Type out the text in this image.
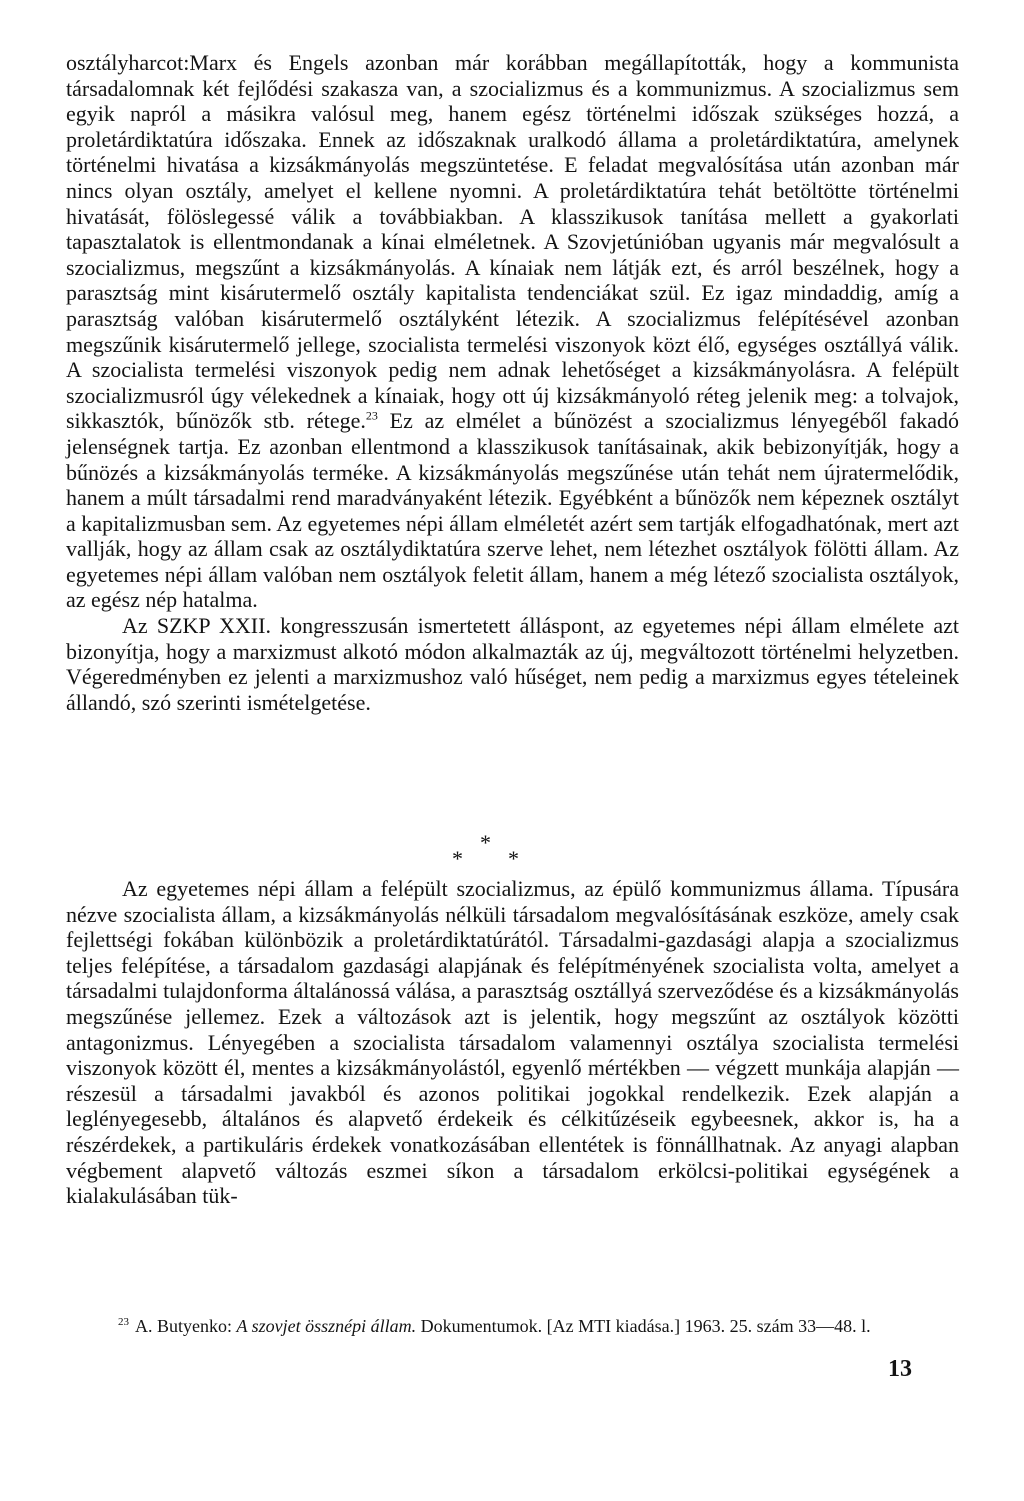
osztályharcot:Marx és Engels azonban már korábban megállapították, hogy a kommunista társadalomnak két fejlődési szakasza van, a szocializmus és a kommunizmus. A szocializmus sem egyik napról a másikra valósul meg, hanem egész történelmi időszak szükséges hozzá, a proletárdiktatúra időszaka. Ennek az időszaknak uralkodó állama a proletárdiktatúra, amelynek történelmi hivatása a kizsákmányolás megszüntetése. E feladat megvalósítása után azonban már nincs olyan osztály, amelyet el kellene nyomni. A proletárdiktatúra tehát betöltötte történelmi hivatását, fölöslegessé válik a továbbiakban. A klasszikusok tanítása mellett a gyakorlati tapasztalatok is ellentmondanak a kínai elméletnek. A Szovjetúnióban ugyanis már megvalósult a szocializmus, megszűnt a kizsákmányolás. A kínaiak nem látják ezt, és arról beszélnek, hogy a parasztság mint kisárutermelő osztály kapitalista tendenciákat szül. Ez igaz mindaddig, amíg a parasztság valóban kisárutermelő osztályként létezik. A szocializmus felépítésével azonban megszűnik kisárutermelő jellege, szocialista termelési viszonyok közt élő, egységes osztállyá válik. A szocialista termelési viszonyok pedig nem adnak lehetőséget a kizsákmányolásra. A felépült szocializmusról úgy vélekednek a kínaiak, hogy ott új kizsákmányoló réteg jelenik meg: a tolvajok, sikkasztók, bűnözők stb. rétege.$^{23}$ Ez az elmélet a bűnözést a szocializmus lényegéből fakadó jelenségnek tartja. Ez azonban ellentmond a klasszikusok tanításainak, akik bebizonyítják, hogy a bűnözés a kizsákmányolás terméke. A kizsákmányolás megszűnése után tehát nem újratermelődik, hanem a múlt társadalmi rend maradványaként létezik. Egyébként a bűnözők nem képeznek osztályt a kapitalizmusban sem. Az egyetemes népi állam elméletét azért sem tartják elfogadhatónak, mert azt vallják, hogy az állam csak az osztálydiktatúra szerve lehet, nem létezhet osztályok fölötti állam. Az egyetemes népi állam valóban nem osztályok feletit állam, hanem a még létező szocialista osztályok, az egész nép hatalma.

Az SZKP XXII. kongresszusán ismertetett álláspont, az egyetemes népi állam elmélete azt bizonyítja, hogy a marxizmust alkotó módon alkalmazták az új, megváltozott történelmi helyzetben. Végeredményben ez jelenti a marxizmushoz való hűséget, nem pedig a marxizmus egyes tételeinek állandó, szó szerinti ismételgetése.

*
* *

Az egyetemes népi állam a felépült szocializmus, az épülő kommunizmus állama. Típusára nézve szocialista állam, a kizsákmányolás nélküli társadalom megvalósításának eszköze, amely csak fejlettségi fokában különbözik a proletárdiktatúrától. Társadalmi-gazdasági alapja a szocializmus teljes felépítése, a társadalom gazdasági alapjának és felépítményének szocialista volta, amelyet a társadalmi tulajdonforma általánossá válása, a parasztság osztállyá szerveződése és a kizsákmányolás megszűnése jellemez. Ezek a változások azt is jelentik, hogy megszűnt az osztályok közötti antagonizmus. Lényegében a szocialista társadalom valamennyi osztálya szocialista termelési viszonyok között él, mentes a kizsákmányolástól, egyenlő mértékben — végzett munkája alapján — részesül a társadalmi javakból és azonos politikai jogokkal rendelkezik. Ezek alapján a leglényegesebb, általános és alapvető érdekeik és célkitűzéseik egybeesnek, akkor is, ha a részérdekek, a partikuláris érdekek vonatkozásában ellentétek is fönnállhatnak. Az anyagi alapban végbement alapvető változás eszmei síkon a társadalom erkölcsi-politikai egységének a kialakulásában tük-

$^{23}$ A. Butyenko: A szovjet össznépi állam. Dokumentumok. [Az MTI kiadása.] 1963. 25. szám 33—48. l.
13
